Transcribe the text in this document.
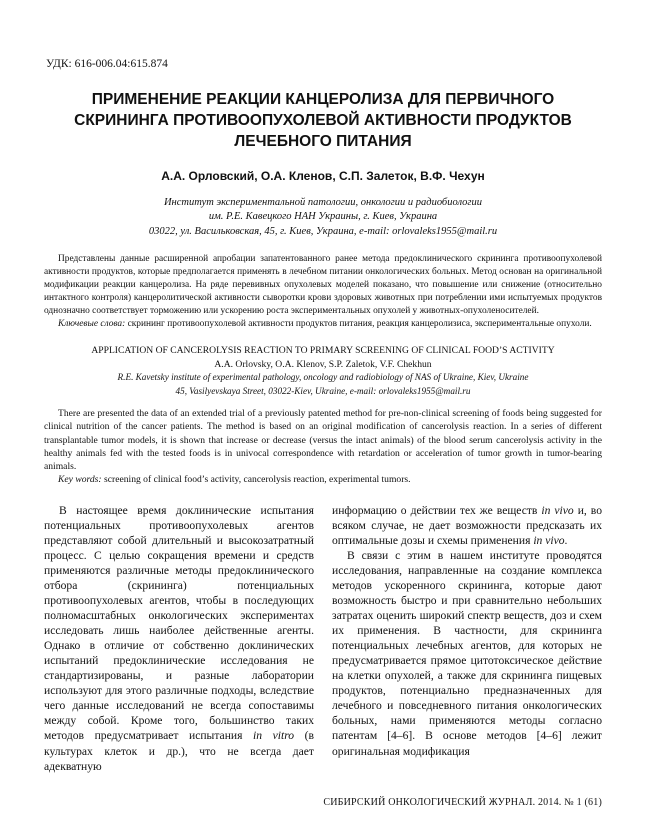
УДК: 616-006.04:615.874
ПРИМЕНЕНИЕ РЕАКЦИИ КАНЦЕРОЛИЗА ДЛЯ ПЕРВИЧНОГО СКРИНИНГА ПРОТИВООПУХОЛЕВОЙ АКТИВНОСТИ ПРОДУКТОВ ЛЕЧЕБНОГО ПИТАНИЯ
А.А. Орловский, О.А. Кленов, С.П. Залеток, В.Ф. Чехун
Институт экспериментальной патологии, онкологии и радиобиологии
им. Р.Е. Кавецкого НАН Украины, г. Киев, Украина
03022, ул. Васильковская, 45, г. Киев, Украина, e-mail: orlovaleks1955@mail.ru

Представлены данные расширенной апробации запатентованного ранее метода предоклинического скрининга противоопухолевой активности продуктов, которые предполагается применять в лечебном питании онкологических больных. Метод основан на оригинальной модификации реакции канцеролиза. На ряде перевивных опухолевых моделей показано, что повышение или снижение (относительно интактного контроля) канцеролитической активности сыворотки крови здоровых животных при потреблении ими испытуемых продуктов однозначно соответствует торможению или ускорению роста экспериментальных опухолей у животных-опухоленосителей.

Ключевые слова: скрининг противоопухолевой активности продуктов питания, реакция канцеролизиса, экспериментальные опухоли.

APPLICATION OF CANCEROLYSIS REACTION TO PRIMARY SCREENING OF CLINICAL FOOD’S ACTIVITY
А.А. Orlovsky, O.A. Klenov, S.P. Zaletok, V.F. Chekhun
R.E. Kavetsky institute of experimental pathology, oncology and radiobiology of NAS of Ukraine, Kiev, Ukraine
45, Vasilyevskaya Street, 03022-Kiev, Ukraine, e-mail: orlovaleks1955@mail.ru

There are presented the data of an extended trial of a previously patented method for pre-non-clinical screening of foods being suggested for clinical nutrition of the cancer patients. The method is based on an original modification of cancerolysis reaction. In a series of different transplantable tumor models, it is shown that increase or decrease (versus the intact animals) of the blood serum cancerolysis activity in the healthy animals fed with the tested foods is in univocal correspondence with retardation or acceleration of tumor growth in tumor-bearing animals.

Key words: screening of clinical food’s activity, cancerolysis reaction, experimental tumors.

В настоящее время доклинические испытания потенциальных противоопухолевых агентов представляют собой длительный и высокозатратный процесс. С целью сокращения времени и средств применяются различные методы предоклинического отбора (скрининга) потенциальных противоопухолевых агентов, чтобы в последующих полномасштабных онкологических экспериментах исследовать лишь наиболее действенные агенты. Однако в отличие от собственно доклинических испытаний предоклинические исследования не стандартизированы, и разные лаборатории используют для этого различные подходы, вследствие чего данные исследований не всегда сопоставимы между собой. Кроме того, большинство таких методов предусматривает испытания in vitro (в культурах клеток и др.), что не всегда дает адекватную

информацию о действии тех же веществ in vivo и, во всяком случае, не дает возможности предсказать их оптимальные дозы и схемы применения in vivo.

В связи с этим в нашем институте проводятся исследования, направленные на создание комплекса методов ускоренного скрининга, которые дают возможность быстро и при сравнительно небольших затратах оценить широкий спектр веществ, доз и схем их применения. В частности, для скрининга потенциальных лечебных агентов, для которых не предусматривается прямое цитотоксическое действие на клетки опухолей, а также для скрининга пищевых продуктов, потенциально предназначенных для лечебного и повседневного питания онкологических больных, нами применяются методы согласно патентам [4–6]. В основе методов [4–6] лежит оригинальная модификация

СИБИРСКИЙ ОНКОЛОГИЧЕСКИЙ ЖУРНАЛ. 2014. № 1 (61)
